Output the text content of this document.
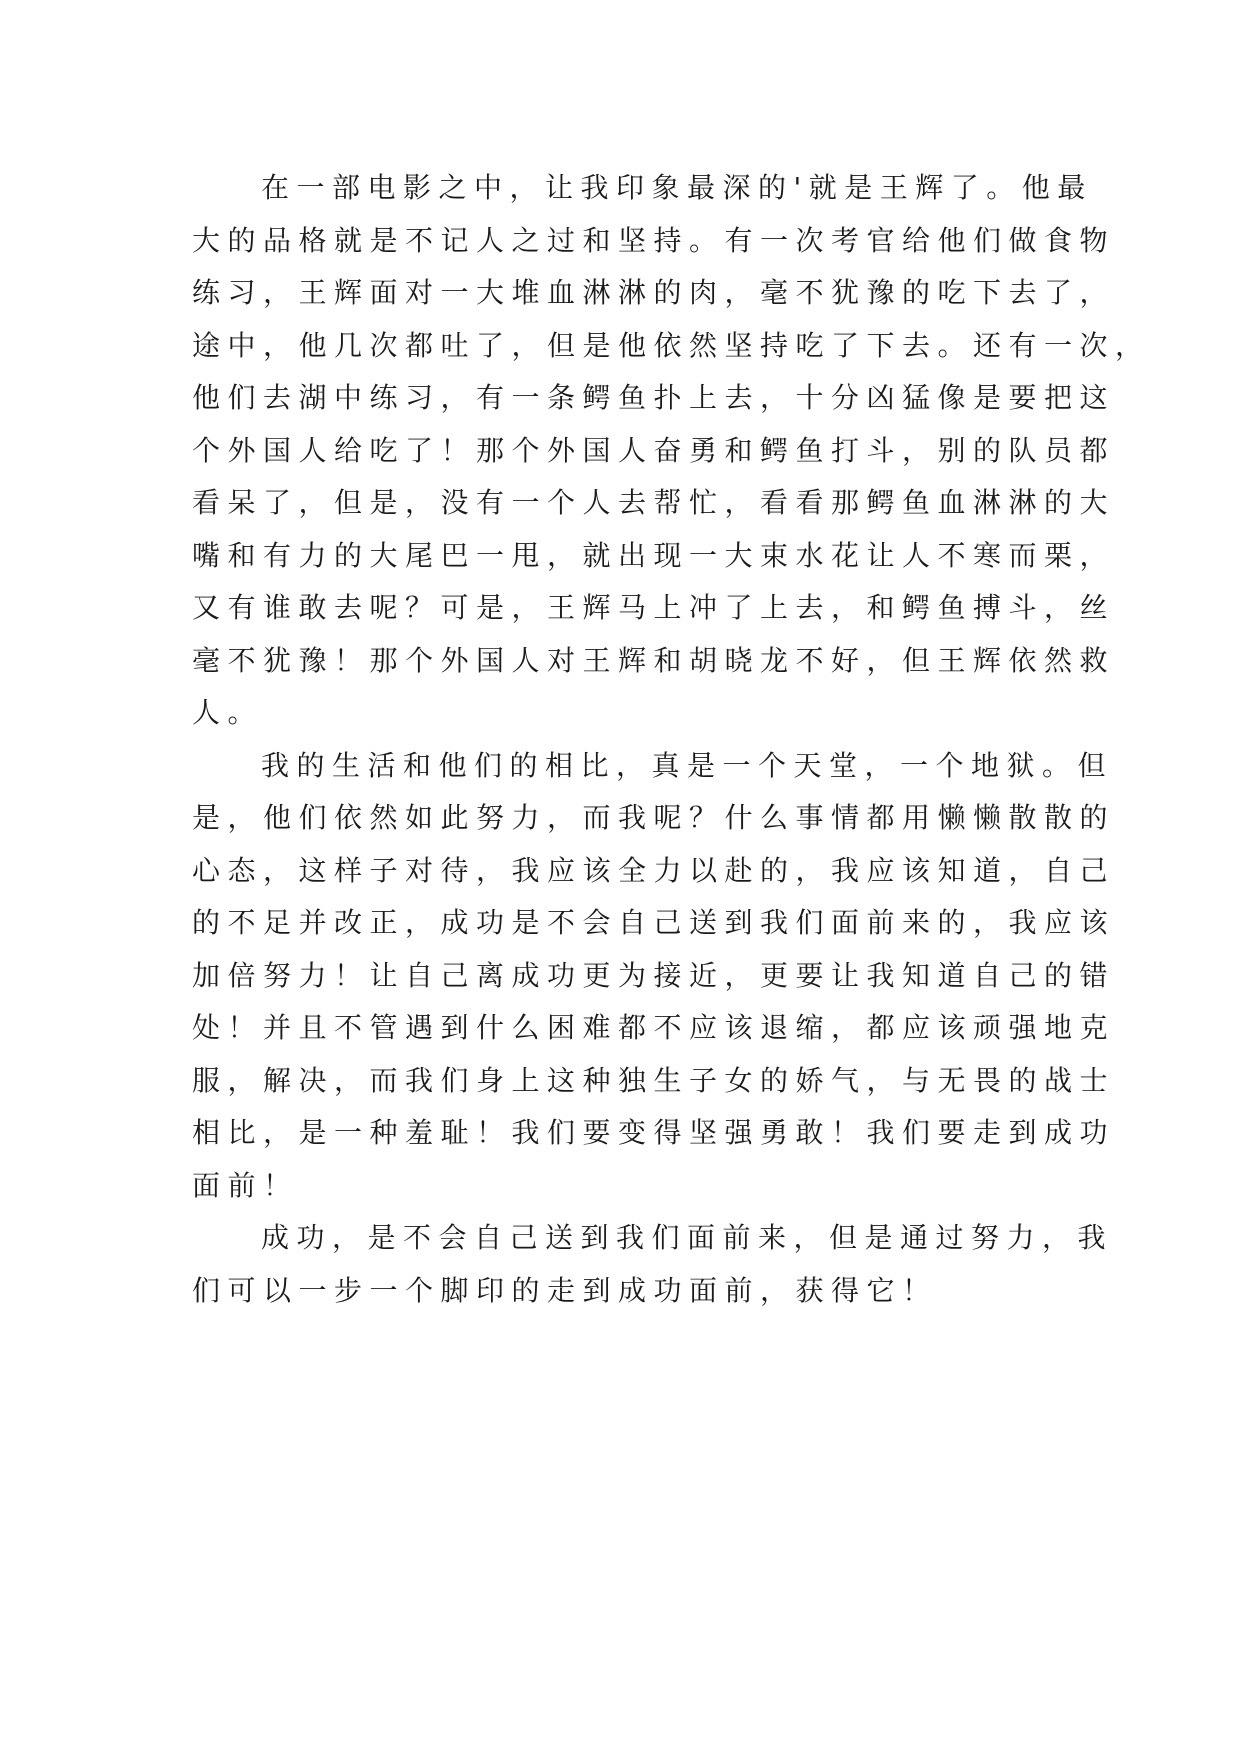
在一部电影之中，让我印象最深的'就是王辉了。他最
大的品格就是不记人之过和坚持。有一次考官给他们做食物
练习，王辉面对一大堆血淋淋的肉，毫不犹豫的吃下去了，
途中，他几次都吐了，但是他依然坚持吃了下去。还有一次，
他们去湖中练习，有一条鳄鱼扑上去，十分凶猛像是要把这
个外国人给吃了！那个外国人奋勇和鳄鱼打斗，别的队员都
看呆了，但是，没有一个人去帮忙，看看那鳄鱼血淋淋的大
嘴和有力的大尾巴一甩，就出现一大束水花让人不寒而栗，
又有谁敢去呢？可是，王辉马上冲了上去，和鳄鱼搏斗，丝
毫不犹豫！那个外国人对王辉和胡晓龙不好，但王辉依然救
人。
我的生活和他们的相比，真是一个天堂，一个地狱。但
是，他们依然如此努力，而我呢？什么事情都用懒懒散散的
心态，这样子对待，我应该全力以赴的，我应该知道，自己
的不足并改正，成功是不会自己送到我们面前来的，我应该
加倍努力！让自己离成功更为接近，更要让我知道自己的错
处！并且不管遇到什么困难都不应该退缩，都应该顽强地克
服，解决，而我们身上这种独生子女的娇气，与无畏的战士
相比，是一种羞耻！我们要变得坚强勇敢！我们要走到成功
面前！
成功，是不会自己送到我们面前来，但是通过努力，我
们可以一步一个脚印的走到成功面前，获得它！
